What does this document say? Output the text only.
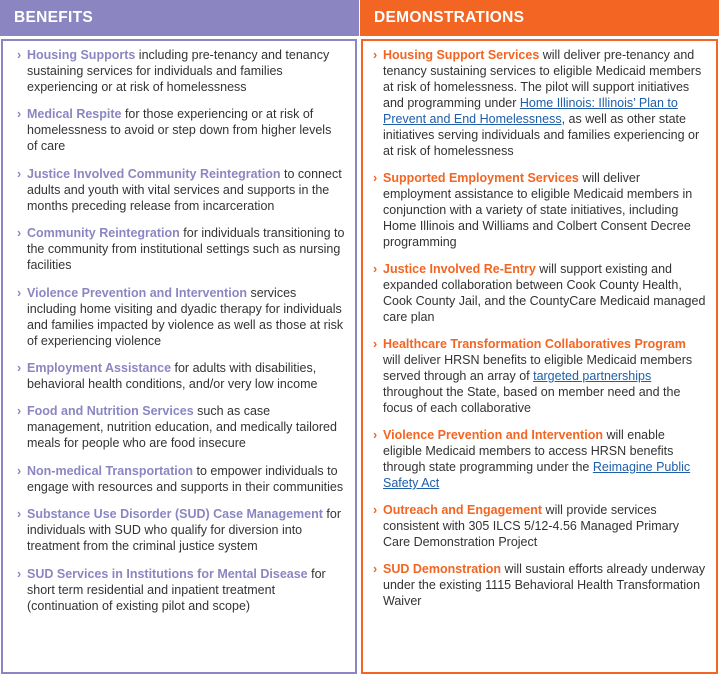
BENEFITS
› Housing Supports including pre-tenancy and tenancy sustaining services for individuals and families experiencing or at risk of homelessness
› Medical Respite for those experiencing or at risk of homelessness to avoid or step down from higher levels of care
› Justice Involved Community Reintegration to connect adults and youth with vital services and supports in the months preceding release from incarceration
› Community Reintegration for individuals transitioning to the community from institutional settings such as nursing facilities
› Violence Prevention and Intervention services including home visiting and dyadic therapy for individuals and families impacted by violence as well as those at risk of experiencing violence
› Employment Assistance for adults with disabilities, behavioral health conditions, and/or very low income
› Food and Nutrition Services such as case management, nutrition education, and medically tailored meals for people who are food insecure
› Non-medical Transportation to empower individuals to engage with resources and supports in their communities
› Substance Use Disorder (SUD) Case Management for individuals with SUD who qualify for diversion into treatment from the criminal justice system
› SUD Services in Institutions for Mental Disease for short term residential and inpatient treatment (continuation of existing pilot and scope)
DEMONSTRATIONS
› Housing Support Services will deliver pre-tenancy and tenancy sustaining services to eligible Medicaid members at risk of homelessness. The pilot will support initiatives and programming under Home Illinois: Illinois’ Plan to Prevent and End Homelessness, as well as other state initiatives serving individuals and families experiencing or at risk of homelessness
› Supported Employment Services will deliver employment assistance to eligible Medicaid members in conjunction with a variety of state initiatives, including Home Illinois and Williams and Colbert Consent Decree programming
› Justice Involved Re-Entry will support existing and expanded collaboration between Cook County Health, Cook County Jail, and the CountyCare Medicaid managed care plan
› Healthcare Transformation Collaboratives Program will deliver HRSN benefits to eligible Medicaid members served through an array of targeted partnerships throughout the State, based on member need and the focus of each collaborative
› Violence Prevention and Intervention will enable eligible Medicaid members to access HRSN benefits through state programming under the Reimagine Public Safety Act
› Outreach and Engagement will provide services consistent with 305 ILCS 5/12-4.56 Managed Primary Care Demonstration Project
› SUD Demonstration will sustain efforts already underway under the existing 1115 Behavioral Health Transformation Waiver
